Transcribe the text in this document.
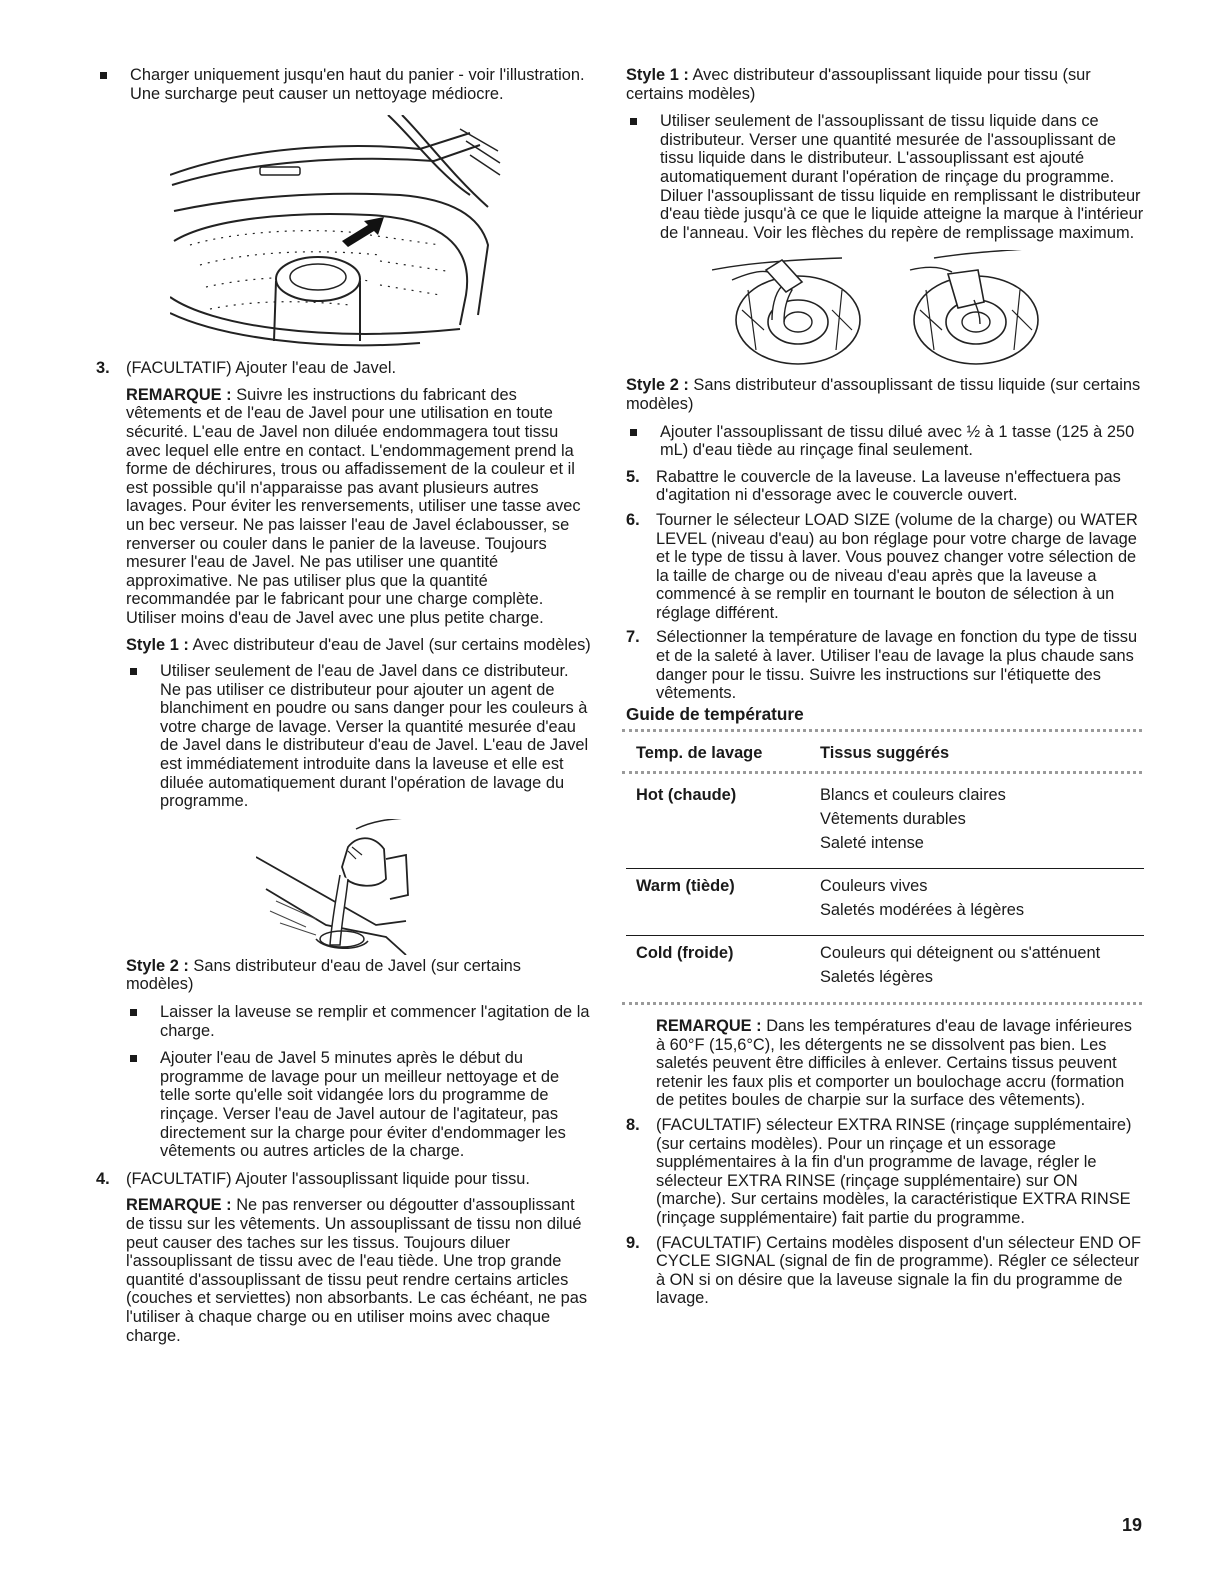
Charger uniquement jusqu'en haut du panier - voir l'illustration. Une surcharge peut causer un nettoyage médiocre.

3. (FACULTATIF) Ajouter l'eau de Javel.

REMARQUE : Suivre les instructions du fabricant des vêtements et de l'eau de Javel pour une utilisation en toute sécurité. L'eau de Javel non diluée endommagera tout tissu avec lequel elle entre en contact. L'endommagement prend la forme de déchirures, trous ou affadissement de la couleur et il est possible qu'il n'apparaisse pas avant plusieurs autres lavages. Pour éviter les renversements, utiliser une tasse avec un bec verseur. Ne pas laisser l'eau de Javel éclabousser, se renverser ou couler dans le panier de la laveuse. Toujours mesurer l'eau de Javel. Ne pas utiliser une quantité approximative. Ne pas utiliser plus que la quantité recommandée par le fabricant pour une charge complète. Utiliser moins d'eau de Javel avec une plus petite charge.

Style 1 : Avec distributeur d'eau de Javel (sur certains modèles)

Utiliser seulement de l'eau de Javel dans ce distributeur. Ne pas utiliser ce distributeur pour ajouter un agent de blanchiment en poudre ou sans danger pour les couleurs à votre charge de lavage. Verser la quantité mesurée d'eau de Javel dans le distributeur d'eau de Javel. L'eau de Javel est immédiatement introduite dans la laveuse et elle est diluée automatiquement durant l'opération de lavage du programme.

Style 2 : Sans distributeur d'eau de Javel (sur certains modèles)

Laisser la laveuse se remplir et commencer l'agitation de la charge.

Ajouter l'eau de Javel 5 minutes après le début du programme de lavage pour un meilleur nettoyage et de telle sorte qu'elle soit vidangée lors du programme de rinçage. Verser l'eau de Javel autour de l'agitateur, pas directement sur la charge pour éviter d'endommager les vêtements ou autres articles de la charge.

4. (FACULTATIF) Ajouter l'assouplissant liquide pour tissu.

REMARQUE : Ne pas renverser ou dégoutter d'assouplissant de tissu sur les vêtements. Un assouplissant de tissu non dilué peut causer des taches sur les tissus. Toujours diluer l'assouplissant de tissu avec de l'eau tiède. Une trop grande quantité d'assouplissant de tissu peut rendre certains articles (couches et serviettes) non absorbants. Le cas échéant, ne pas l'utiliser à chaque charge ou en utiliser moins avec chaque charge.

Style 1 : Avec distributeur d'assouplissant liquide pour tissu (sur certains modèles)

Utiliser seulement de l'assouplissant de tissu liquide dans ce distributeur. Verser une quantité mesurée de l'assouplissant de tissu liquide dans le distributeur. L'assouplissant est ajouté automatiquement durant l'opération de rinçage du programme. Diluer l'assouplissant de tissu liquide en remplissant le distributeur d'eau tiède jusqu'à ce que le liquide atteigne la marque à l'intérieur de l'anneau. Voir les flèches du repère de remplissage maximum.

Style 2 : Sans distributeur d'assouplissant de tissu liquide (sur certains modèles)

Ajouter l'assouplissant de tissu dilué avec ½ à 1 tasse (125 à 250 mL) d'eau tiède au rinçage final seulement.

5. Rabattre le couvercle de la laveuse. La laveuse n'effectuera pas d'agitation ni d'essorage avec le couvercle ouvert.

6. Tourner le sélecteur LOAD SIZE (volume de la charge) ou WATER LEVEL (niveau d'eau) au bon réglage pour votre charge de lavage et le type de tissu à laver. Vous pouvez changer votre sélection de la taille de charge ou de niveau d'eau après que la laveuse a commencé à se remplir en tournant le bouton de sélection à un réglage différent.

7. Sélectionner la température de lavage en fonction du type de tissu et de la saleté à laver. Utiliser l'eau de lavage la plus chaude sans danger pour le tissu. Suivre les instructions sur l'étiquette des vêtements.

Guide de température
Temp. de lavage	Tissus suggérés
Hot (chaude)	Blancs et couleurs claires
Vêtements durables
Saleté intense
Warm (tiède)	Couleurs vives
Saletés modérées à légères
Cold (froide)	Couleurs qui déteignent ou s'atténuent
Saletés légères

REMARQUE : Dans les températures d'eau de lavage inférieures à 60°F (15,6°C), les détergents ne se dissolvent pas bien. Les saletés peuvent être difficiles à enlever. Certains tissus peuvent retenir les faux plis et comporter un boulochage accru (formation de petites boules de charpie sur la surface des vêtements).

8. (FACULTATIF) sélecteur EXTRA RINSE (rinçage supplémentaire) (sur certains modèles). Pour un rinçage et un essorage supplémentaires à la fin d'un programme de lavage, régler le sélecteur EXTRA RINSE (rinçage supplémentaire) sur ON (marche). Sur certains modèles, la caractéristique EXTRA RINSE (rinçage supplémentaire) fait partie du programme.

9. (FACULTATIF) Certains modèles disposent d'un sélecteur END OF CYCLE SIGNAL (signal de fin de programme). Régler ce sélecteur à ON si on désire que la laveuse signale la fin du programme de lavage.

19
